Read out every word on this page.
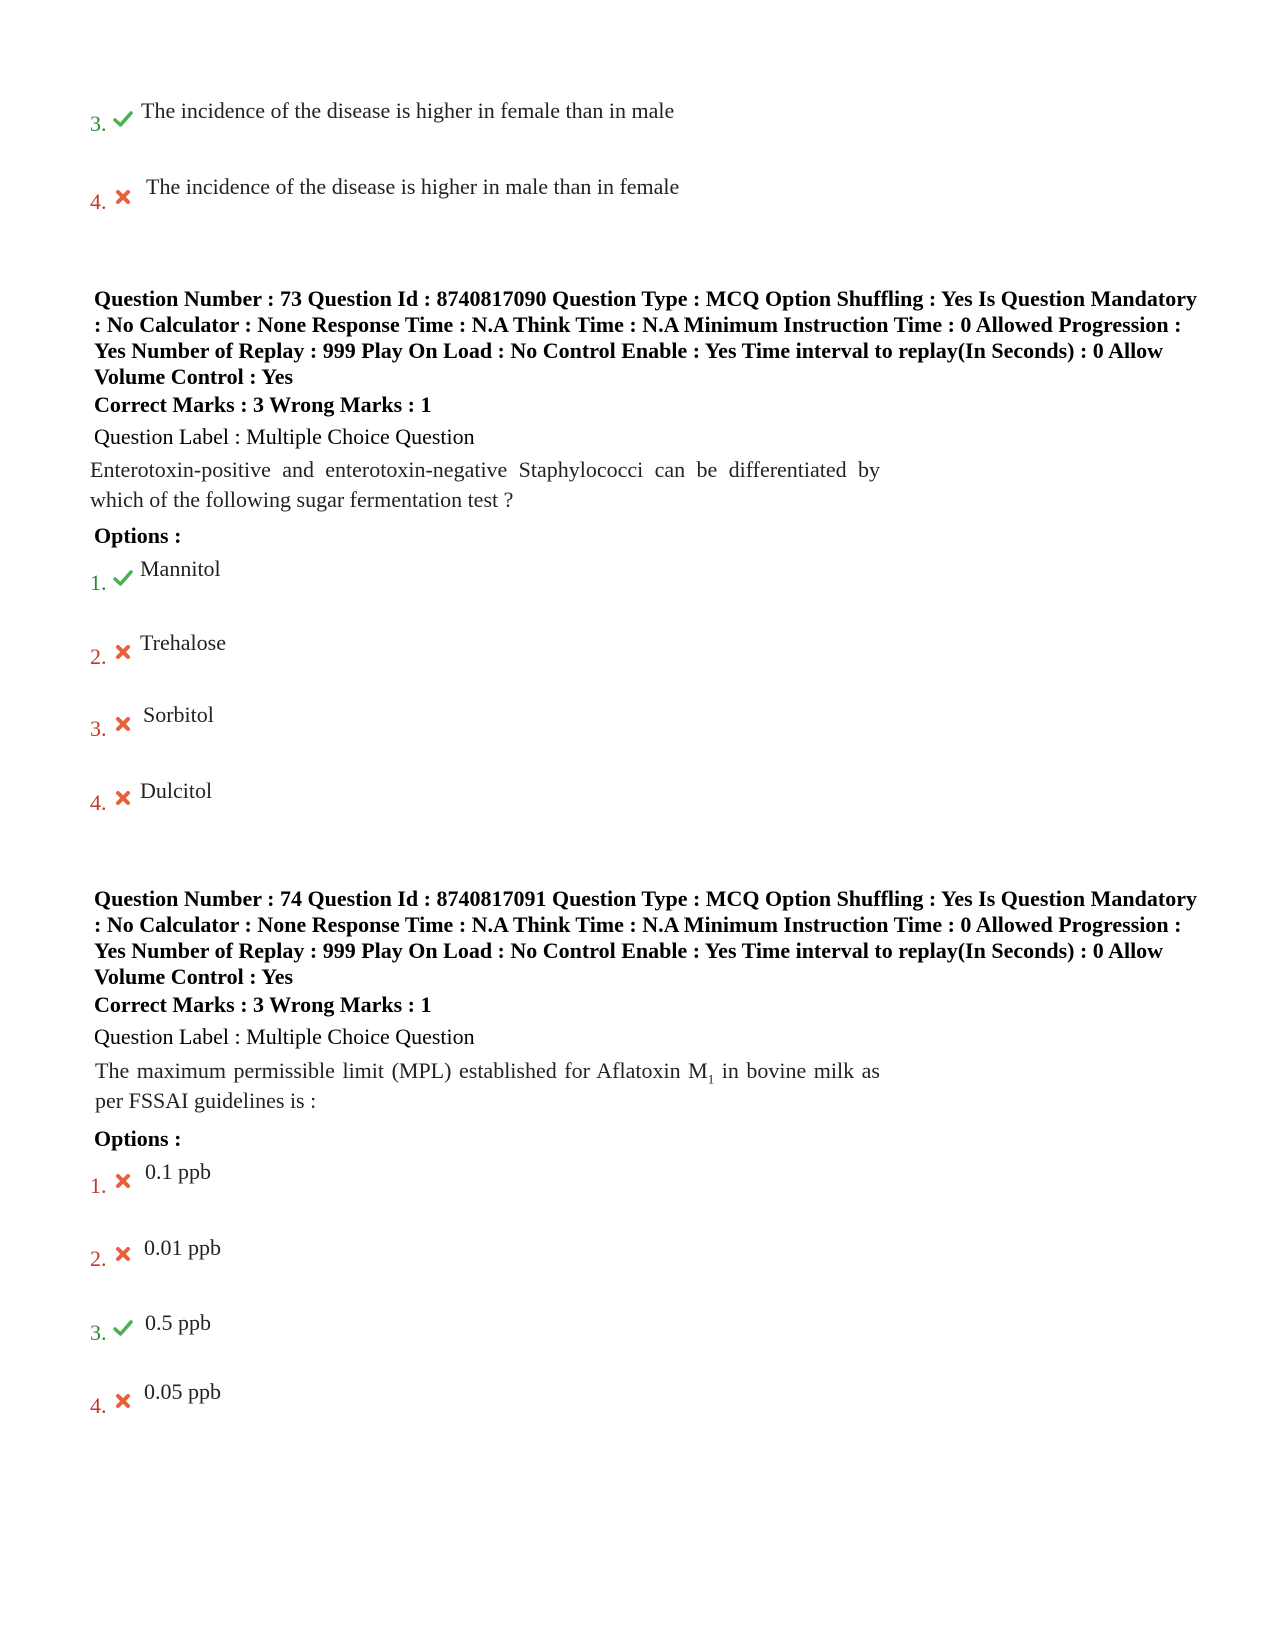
3.
The incidence of the disease is higher in female than in male
4.
The incidence of the disease is higher in male than in female
Question Number : 73 Question Id : 8740817090 Question Type : MCQ Option Shuffling : Yes Is Question Mandatory : No Calculator : None Response Time : N.A Think Time : N.A Minimum Instruction Time : 0 Allowed Progression : Yes Number of Replay : 999 Play On Load : No Control Enable : Yes Time interval to replay(In Seconds) : 0 Allow Volume Control : Yes
Correct Marks : 3 Wrong Marks : 1
Question Label : Multiple Choice Question
Enterotoxin-positive and enterotoxin-negative Staphylococci can be differentiated by
which of the following sugar fermentation test ?
Options :
1.
Mannitol
2.
Trehalose
3.
Sorbitol
4. Dulcitol
Question Number : 74 Question Id : 8740817091 Question Type : MCQ Option Shuffling : Yes Is Question Mandatory : No Calculator : None Response Time : N.A Think Time : N.A Minimum Instruction Time : 0 Allowed Progression : Yes Number of Replay : 999 Play On Load : No Control Enable : Yes Time interval to replay(In Seconds) : 0 Allow Volume Control : Yes
Correct Marks : 3 Wrong Marks : 1
Question Label : Multiple Choice Question
The maximum permissible limit (MPL) established for Aflatoxin $M_1$ in bovine milk as
per FSSAI guidelines is :
Options :
1.
0.1 ppb
2. 0.01 ppb
3. 0.5 ppb
4.
0.05 ppb
